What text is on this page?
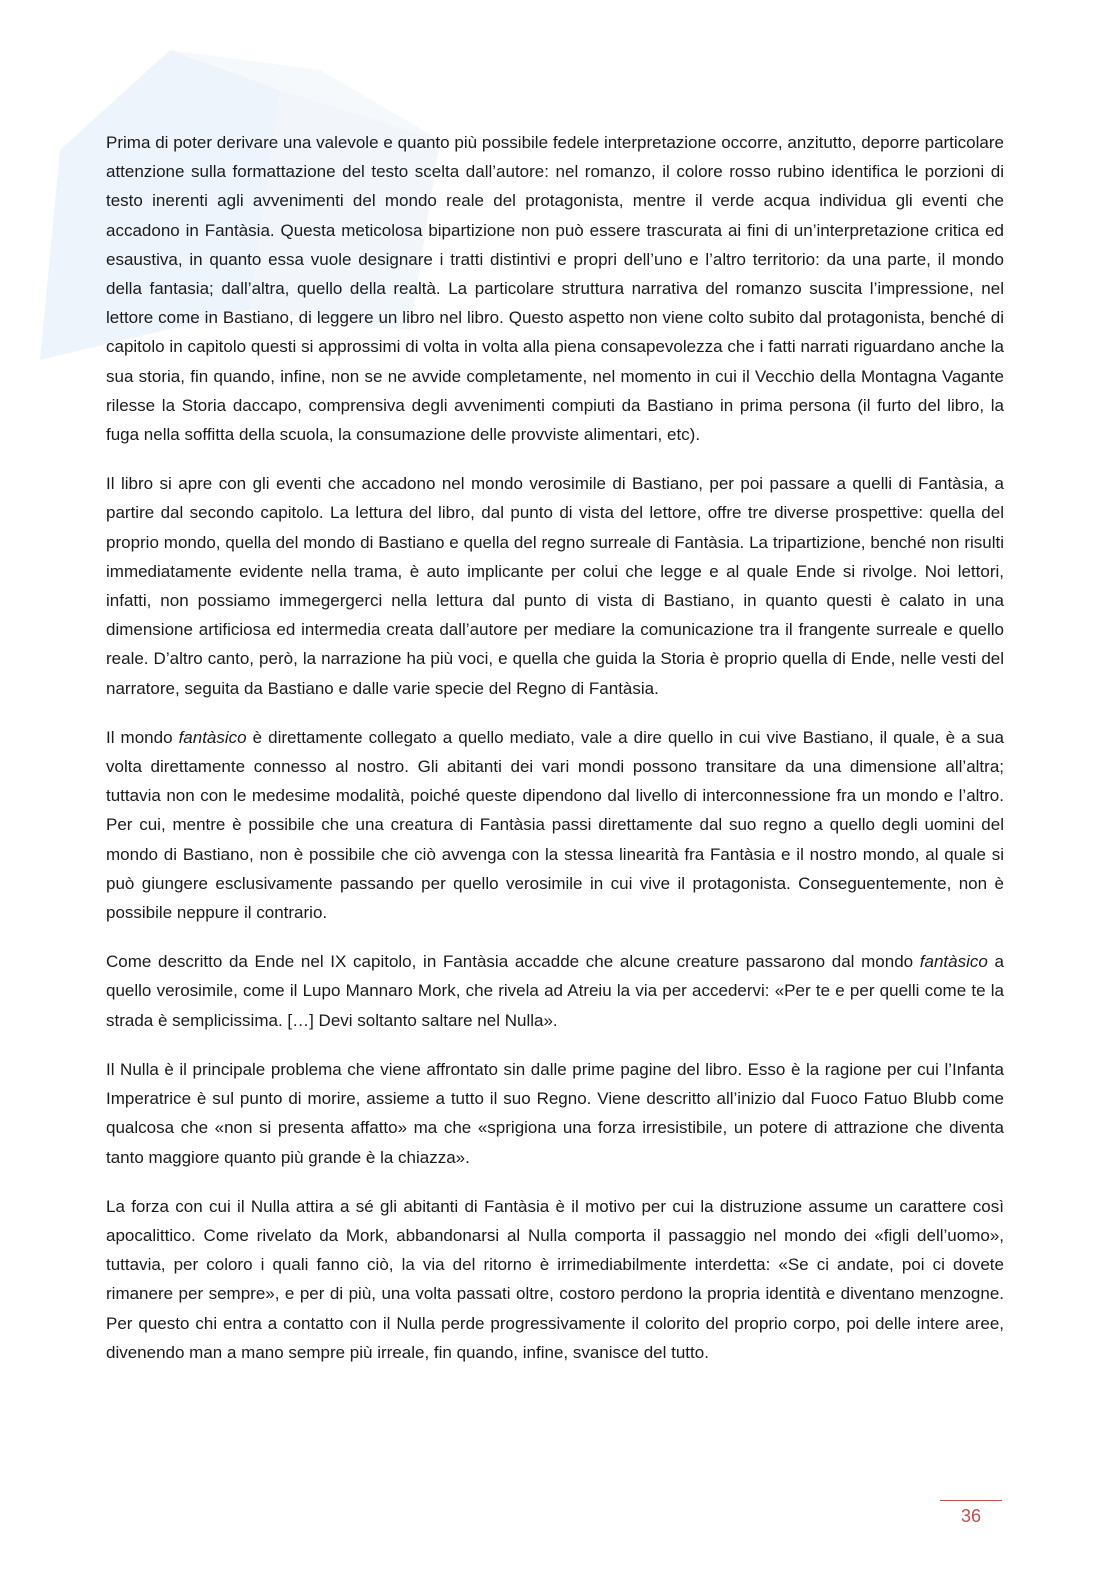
Prima di poter derivare una valevole e quanto più possibile fedele interpretazione occorre, anzitutto, deporre particolare attenzione sulla formattazione del testo scelta dall’autore: nel romanzo, il colore rosso rubino identifica le porzioni di testo inerenti agli avvenimenti del mondo reale del protagonista, mentre il verde acqua individua gli eventi che accadono in Fantàsia. Questa meticolosa bipartizione non può essere trascurata ai fini di un’interpretazione critica ed esaustiva, in quanto essa vuole designare i tratti distintivi e propri dell’uno e l’altro territorio: da una parte, il mondo della fantasia; dall’altra, quello della realtà. La particolare struttura narrativa del romanzo suscita l’impressione, nel lettore come in Bastiano, di leggere un libro nel libro. Questo aspetto non viene colto subito dal protagonista, benché di capitolo in capitolo questi si approssimi di volta in volta alla piena consapevolezza che i fatti narrati riguardano anche la sua storia, fin quando, infine, non se ne avvide completamente, nel momento in cui il Vecchio della Montagna Vagante rilesse la Storia daccapo, comprensiva degli avvenimenti compiuti da Bastiano in prima persona (il furto del libro, la fuga nella soffitta della scuola, la consumazione delle provviste alimentari, etc).

Il libro si apre con gli eventi che accadono nel mondo verosimile di Bastiano, per poi passare a quelli di Fantàsia, a partire dal secondo capitolo. La lettura del libro, dal punto di vista del lettore, offre tre diverse prospettive: quella del proprio mondo, quella del mondo di Bastiano e quella del regno surreale di Fantàsia. La tripartizione, benché non risulti immediatamente evidente nella trama, è auto implicante per colui che legge e al quale Ende si rivolge. Noi lettori, infatti, non possiamo immegergerci nella lettura dal punto di vista di Bastiano, in quanto questi è calato in una dimensione artificiosa ed intermedia creata dall’autore per mediare la comunicazione tra il frangente surreale e quello reale. D’altro canto, però, la narrazione ha più voci, e quella che guida la Storia è proprio quella di Ende, nelle vesti del narratore, seguita da Bastiano e dalle varie specie del Regno di Fantàsia.

Il mondo fantàsico è direttamente collegato a quello mediato, vale a dire quello in cui vive Bastiano, il quale, è a sua volta direttamente connesso al nostro. Gli abitanti dei vari mondi possono transitare da una dimensione all’altra; tuttavia non con le medesime modalità, poiché queste dipendono dal livello di interconnessione fra un mondo e l’altro. Per cui, mentre è possibile che una creatura di Fantàsia passi direttamente dal suo regno a quello degli uomini del mondo di Bastiano, non è possibile che ciò avvenga con la stessa linearità fra Fantàsia e il nostro mondo, al quale si può giungere esclusivamente passando per quello verosimile in cui vive il protagonista. Conseguentemente, non è possibile neppure il contrario.

Come descritto da Ende nel IX capitolo, in Fantàsia accadde che alcune creature passarono dal mondo fantàsico a quello verosimile, come il Lupo Mannaro Mork, che rivela ad Atreiu la via per accedervi: «Per te e per quelli come te la strada è semplicissima. […] Devi soltanto saltare nel Nulla».

Il Nulla è il principale problema che viene affrontato sin dalle prime pagine del libro. Esso è la ragione per cui l’Infanta Imperatrice è sul punto di morire, assieme a tutto il suo Regno. Viene descritto all’inizio dal Fuoco Fatuo Blubb come qualcosa che «non si presenta affatto» ma che «sprigiona una forza irresistibile, un potere di attrazione che diventa tanto maggiore quanto più grande è la chiazza».

La forza con cui il Nulla attira a sé gli abitanti di Fantàsia è il motivo per cui la distruzione assume un carattere così apocalittico. Come rivelato da Mork, abbandonarsi al Nulla comporta il passaggio nel mondo dei «figli dell’uomo», tuttavia, per coloro i quali fanno ciò, la via del ritorno è irrimediabilmente interdetta: «Se ci andate, poi ci dovete rimanere per sempre», e per di più, una volta passati oltre, costoro perdono la propria identità e diventano menzogne. Per questo chi entra a contatto con il Nulla perde progressivamente il colorito del proprio corpo, poi delle intere aree, divenendo man a mano sempre più irreale, fin quando, infine, svanisce del tutto.

36
